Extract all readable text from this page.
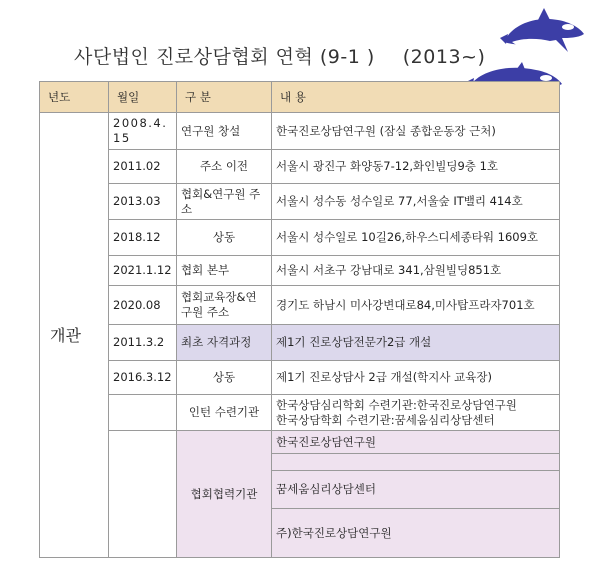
사단법인 진로상담협회 연혁 (9-1 ) (2013~)
년도	월일	구 분	내 용
개관	2008.4.15	연구원 창설	한국진로상담연구원 (잠실 종합운동장 근처)
	2011.02	주소 이전	서울시 광진구 화양동7-12,화인빌딩9층 1호
	2013.03	협회&연구원 주소	서울시 성수동 성수일로 77,서울숲 IT밸리 414호
	2018.12	상동	서울시 성수일로 10길26,하우스디세종타워 1609호
	2021.1.12	협회 본부	서울시 서초구 강남대로 341,삼원빌딩851호
	2020.08	협회교육장&연구원 주소	경기도 하남시 미사강변대로84,미사탑프라자701호
	2011.3.2	최초 자격과정	제1기 진로상담전문가2급 개설
	2016.3.12	상동	제1기 진로상담사 2급 개설(학지사 교육장)
		인턴 수련기관	한국상담심리학회 수련기관:한국진로상담연구원
한국상담학회 수련기관:꿈세움심리상담센터

		협회협력기관	한국진로상담연구원

			꿈세움심리상담센터
			주)한국진로상담연구원
